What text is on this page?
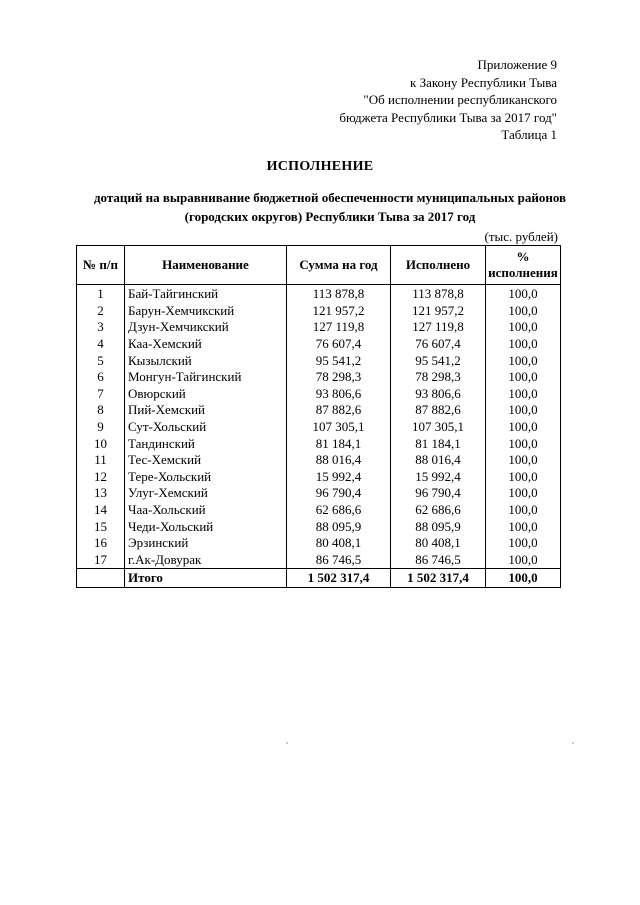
Приложение 9
к Закону Республики Тыва
"Об исполнении республиканского
бюджета Республики Тыва за 2017 год"
Таблица 1
ИСПОЛНЕНИЕ
дотаций на выравнивание бюджетной обеспеченности муниципальных районов
(городских округов) Республики Тыва за 2017 год
(тыс. рублей)
№ п/п	Наименование	Сумма на год	Исполнено	%
исполнения

1	Бай-Тайгинский	113 878,8	113 878,8	100,0
2	Барун-Хемчикский	121 957,2	121 957,2	100,0
3	Дзун-Хемчикский	127 119,8	127 119,8	100,0
4	Каа-Хемский	76 607,4	76 607,4	100,0
5	Кызылский	95 541,2	95 541,2	100,0
6	Монгун-Тайгинский	78 298,3	78 298,3	100,0
7	Овюрский	93 806,6	93 806,6	100,0
8	Пий-Хемский	87 882,6	87 882,6	100,0
9	Сут-Хольский	107 305,1	107 305,1	100,0
10	Тандинский	81 184,1	81 184,1	100,0
11	Тес-Хемский	88 016,4	88 016,4	100,0
12	Тере-Хольский	15 992,4	15 992,4	100,0
13	Улуг-Хемский	96 790,4	96 790,4	100,0
14	Чаа-Хольский	62 686,6	62 686,6	100,0
15	Чеди-Хольский	88 095,9	88 095,9	100,0
16	Эрзинский	80 408,1	80 408,1	100,0
17	г.Ак-Довурак	86 746,5	86 746,5	100,0
	Итого	1 502 317,4	1 502 317,4	100,0
